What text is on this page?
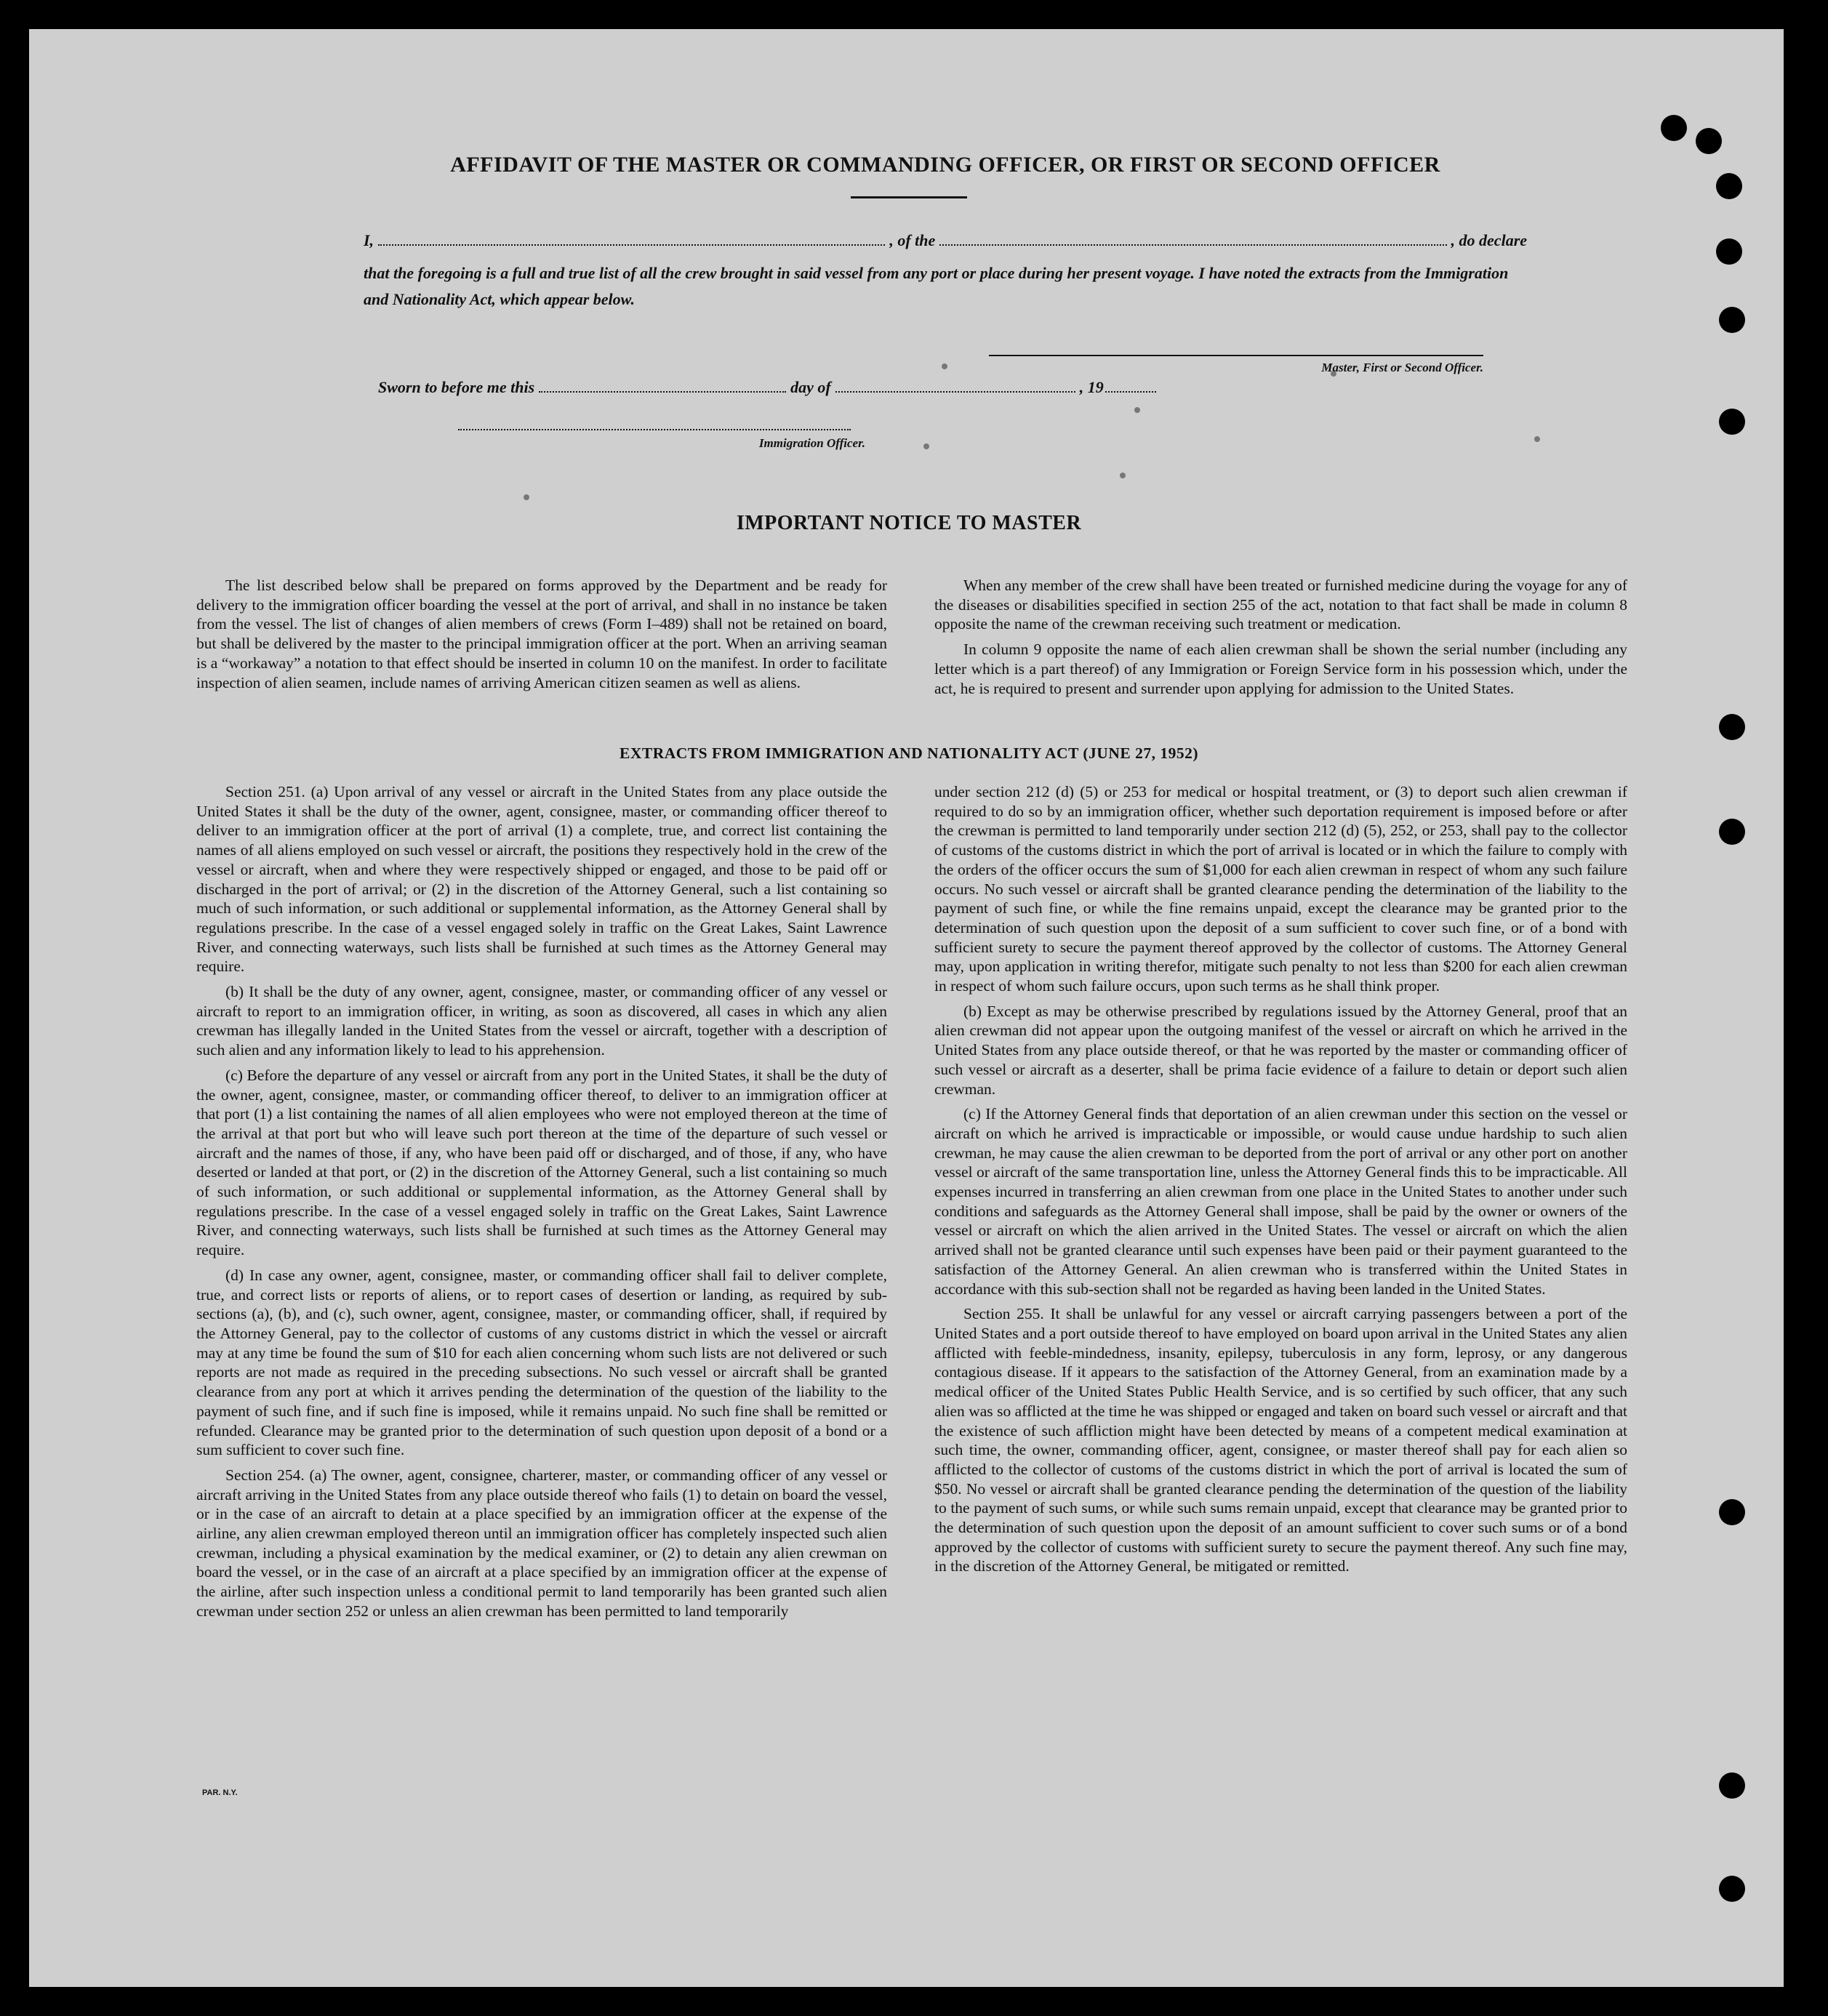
AFFIDAVIT OF THE MASTER OR COMMANDING OFFICER, OR FIRST OR SECOND OFFICER
I,	, of the	, do declare

that the foregoing is a full and true list of all the crew brought in said vessel from any port or place during her present voyage. I have noted the extracts from the Immigration and Nationality Act, which appear below.

Master, First or Second Officer.
Sworn to before me this	day of	, 19
Immigration Officer.
IMPORTANT NOTICE TO MASTER

The list described below shall be prepared on forms approved by the Department and be ready for delivery to the immigration officer boarding the vessel at the port of arrival, and shall in no instance be taken from the vessel. The list of changes of alien members of crews (Form I–489) shall not be retained on board, but shall be delivered by the master to the principal immigration officer at the port. When an arriving seaman is a “workaway” a notation to that effect should be inserted in column 10 on the manifest. In order to facilitate inspection of alien seamen, include names of arriving American citizen seamen as well as aliens.

When any member of the crew shall have been treated or furnished medicine during the voyage for any of the diseases or disabilities specified in section 255 of the act, notation to that fact shall be made in column 8 opposite the name of the crewman receiving such treatment or medication.

In column 9 opposite the name of each alien crewman shall be shown the serial number (including any letter which is a part thereof) of any Immigration or Foreign Service form in his possession which, under the act, he is required to present and surrender upon applying for admission to the United States.

EXTRACTS FROM IMMIGRATION AND NATIONALITY ACT (JUNE 27, 1952)

Section 251. (a) Upon arrival of any vessel or aircraft in the United States from any place outside the United States it shall be the duty of the owner, agent, consignee, master, or commanding officer thereof to deliver to an immigration officer at the port of arrival (1) a complete, true, and correct list containing the names of all aliens employed on such vessel or aircraft, the positions they respectively hold in the crew of the vessel or aircraft, when and where they were respectively shipped or engaged, and those to be paid off or discharged in the port of arrival; or (2) in the discretion of the Attorney General, such a list containing so much of such information, or such additional or supplemental information, as the Attorney General shall by regulations prescribe. In the case of a vessel engaged solely in traffic on the Great Lakes, Saint Lawrence River, and connecting waterways, such lists shall be furnished at such times as the Attorney General may require.

(b) It shall be the duty of any owner, agent, consignee, master, or commanding officer of any vessel or aircraft to report to an immigration officer, in writing, as soon as discovered, all cases in which any alien crewman has illegally landed in the United States from the vessel or aircraft, together with a description of such alien and any information likely to lead to his apprehension.

(c) Before the departure of any vessel or aircraft from any port in the United States, it shall be the duty of the owner, agent, consignee, master, or commanding officer thereof, to deliver to an immigration officer at that port (1) a list containing the names of all alien employees who were not employed thereon at the time of the arrival at that port but who will leave such port thereon at the time of the departure of such vessel or aircraft and the names of those, if any, who have been paid off or discharged, and of those, if any, who have deserted or landed at that port, or (2) in the discretion of the Attorney General, such a list containing so much of such information, or such additional or supplemental information, as the Attorney General shall by regulations prescribe. In the case of a vessel engaged solely in traffic on the Great Lakes, Saint Lawrence River, and connecting waterways, such lists shall be furnished at such times as the Attorney General may require.

(d) In case any owner, agent, consignee, master, or commanding officer shall fail to deliver complete, true, and correct lists or reports of aliens, or to report cases of desertion or landing, as required by sub-sections (a), (b), and (c), such owner, agent, consignee, master, or commanding officer, shall, if required by the Attorney General, pay to the collector of customs of any customs district in which the vessel or aircraft may at any time be found the sum of $10 for each alien concerning whom such lists are not delivered or such reports are not made as required in the preceding subsections. No such vessel or aircraft shall be granted clearance from any port at which it arrives pending the determination of the question of the liability to the payment of such fine, and if such fine is imposed, while it remains unpaid. No such fine shall be remitted or refunded. Clearance may be granted prior to the determination of such question upon deposit of a bond or a sum sufficient to cover such fine.

Section 254. (a) The owner, agent, consignee, charterer, master, or commanding officer of any vessel or aircraft arriving in the United States from any place outside thereof who fails (1) to detain on board the vessel, or in the case of an aircraft to detain at a place specified by an immigration officer at the expense of the airline, any alien crewman employed thereon until an immigration officer has completely inspected such alien crewman, including a physical examination by the medical examiner, or (2) to detain any alien crewman on board the vessel, or in the case of an aircraft at a place specified by an immigration officer at the expense of the airline, after such inspection unless a conditional permit to land temporarily has been granted such alien crewman under section 252 or unless an alien crewman has been permitted to land temporarily

under section 212 (d) (5) or 253 for medical or hospital treatment, or (3) to deport such alien crewman if required to do so by an immigration officer, whether such deportation requirement is imposed before or after the crewman is permitted to land temporarily under section 212 (d) (5), 252, or 253, shall pay to the collector of customs of the customs district in which the port of arrival is located or in which the failure to comply with the orders of the officer occurs the sum of $1,000 for each alien crewman in respect of whom any such failure occurs. No such vessel or aircraft shall be granted clearance pending the determination of the liability to the payment of such fine, or while the fine remains unpaid, except the clearance may be granted prior to the determination of such question upon the deposit of a sum sufficient to cover such fine, or of a bond with sufficient surety to secure the payment thereof approved by the collector of customs. The Attorney General may, upon application in writing therefor, mitigate such penalty to not less than $200 for each alien crewman in respect of whom such failure occurs, upon such terms as he shall think proper.

(b) Except as may be otherwise prescribed by regulations issued by the Attorney General, proof that an alien crewman did not appear upon the outgoing manifest of the vessel or aircraft on which he arrived in the United States from any place outside thereof, or that he was reported by the master or commanding officer of such vessel or aircraft as a deserter, shall be prima facie evidence of a failure to detain or deport such alien crewman.

(c) If the Attorney General finds that deportation of an alien crewman under this section on the vessel or aircraft on which he arrived is impracticable or impossible, or would cause undue hardship to such alien crewman, he may cause the alien crewman to be deported from the port of arrival or any other port on another vessel or aircraft of the same transportation line, unless the Attorney General finds this to be impracticable. All expenses incurred in transferring an alien crewman from one place in the United States to another under such conditions and safeguards as the Attorney General shall impose, shall be paid by the owner or owners of the vessel or aircraft on which the alien arrived in the United States. The vessel or aircraft on which the alien arrived shall not be granted clearance until such expenses have been paid or their payment guaranteed to the satisfaction of the Attorney General. An alien crewman who is transferred within the United States in accordance with this sub-section shall not be regarded as having been landed in the United States.

Section 255. It shall be unlawful for any vessel or aircraft carrying passengers between a port of the United States and a port outside thereof to have employed on board upon arrival in the United States any alien afflicted with feeble-mindedness, insanity, epilepsy, tuberculosis in any form, leprosy, or any dangerous contagious disease. If it appears to the satisfaction of the Attorney General, from an examination made by a medical officer of the United States Public Health Service, and is so certified by such officer, that any such alien was so afflicted at the time he was shipped or engaged and taken on board such vessel or aircraft and that the existence of such affliction might have been detected by means of a competent medical examination at such time, the owner, commanding officer, agent, consignee, or master thereof shall pay for each alien so afflicted to the collector of customs of the customs district in which the port of arrival is located the sum of $50. No vessel or aircraft shall be granted clearance pending the determination of the question of the liability to the payment of such sums, or while such sums remain unpaid, except that clearance may be granted prior to the determination of such question upon the deposit of an amount sufficient to cover such sums or of a bond approved by the collector of customs with sufficient surety to secure the payment thereof. Any such fine may, in the discretion of the Attorney General, be mitigated or remitted.

PAR. N.Y.
